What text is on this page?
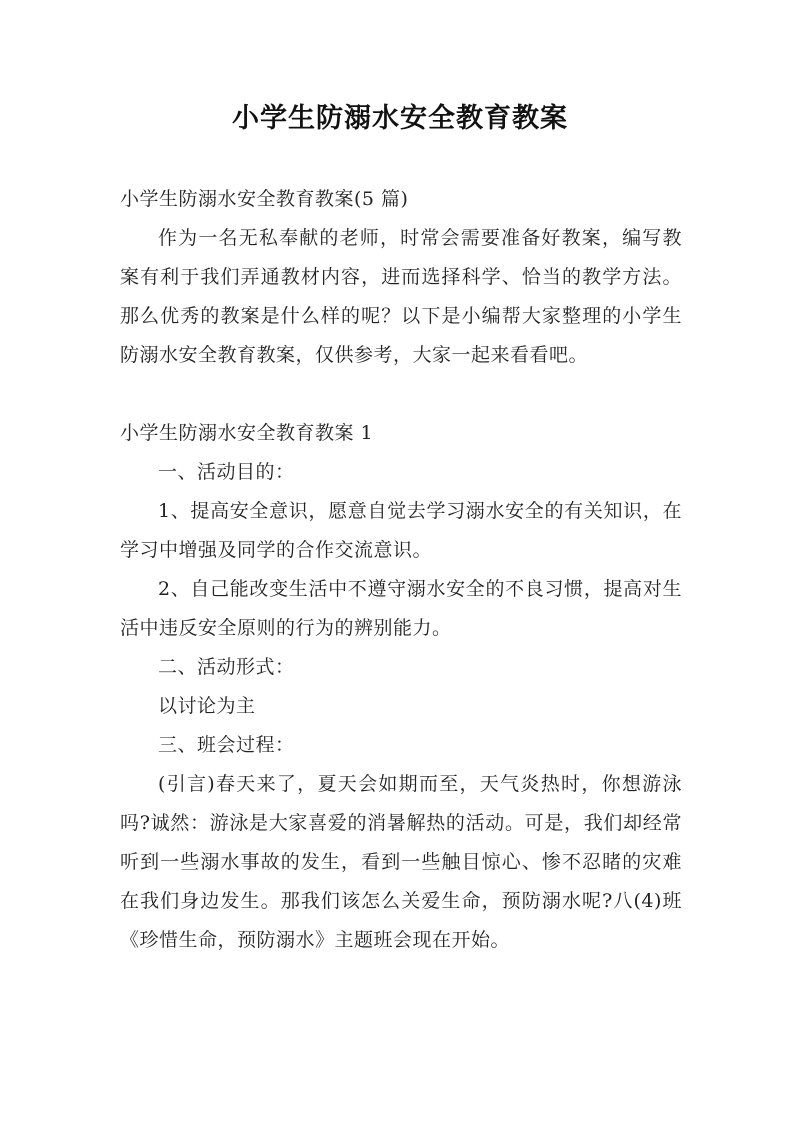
小学生防溺水安全教育教案

小学生防溺水安全教育教案(5 篇)

作为一名无私奉献的老师，时常会需要准备好教案，编写教案有利于我们弄通教材内容，进而选择科学、恰当的教学方法。那么优秀的教案是什么样的呢？以下是小编帮大家整理的小学生防溺水安全教育教案，仅供参考，大家一起来看看吧。

小学生防溺水安全教育教案 1

一、活动目的：

1、提高安全意识，愿意自觉去学习溺水安全的有关知识，在学习中增强及同学的合作交流意识。

2、自己能改变生活中不遵守溺水安全的不良习惯，提高对生活中违反安全原则的行为的辨别能力。

二、活动形式：

以讨论为主

三、班会过程：

(引言)春天来了，夏天会如期而至，天气炎热时，你想游泳吗?诚然：游泳是大家喜爱的消暑解热的活动。可是，我们却经常听到一些溺水事故的发生，看到一些触目惊心、惨不忍睹的灾难在我们身边发生。那我们该怎么关爱生命，预防溺水呢?八(4)班《珍惜生命，预防溺水》主题班会现在开始。
